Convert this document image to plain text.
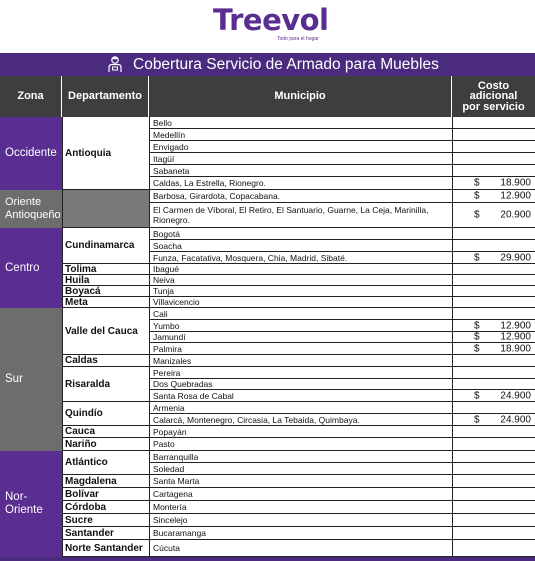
Treevol
Todo para el hogar
Cobertura Servicio de Armado para Muebles
Zona	Departamento	Municipio
Costo adicional por servicio
Occidente
Oriente Antioqueño
Centro
Sur
Nor-Oriente
Antioquia
Cundinamarca
Tolima
Huila
Boyacá
Meta
Valle del Cauca
Caldas
Risaralda
Quindío
Cauca
Nariño
Atlántico
Magdalena
Bolívar
Córdoba
Sucre
Santander
Norte Santander
Bello
Medellín
Envigado
Itagüí
Sabaneta
Caldas, La Estrella, Rionegro.
Barbosa, Girardota, Copacabana.
El Carmen de Víboral, El Retiro, El Santuario, Guarne, La Ceja, Marinilla, Rionegro.
Bogotá
Soacha
Funza, Facatativa, Mosquera, Chia, Madrid, Sibaté.
Ibagué
Neiva
Tunja
Villavicencio
Cali
Yumbo
Jamundí
Palmira
Manizales
Pereira
Dos Quebradas
Santa Rosa de Cabal
Armenia
Calarcá, Montenegro, Circasia, La Tebaida, Quimbaya.
Popayán
Pasto
Barranquilla
Soledad
Santa Marta
Cartagena
Montería
Sincelejo
Bucaramanga
Cúcuta
$ 18.900
$ 12.900
$ 20.900
$ 29.900
$ 12.900
$ 12.900
$ 18.900
$ 24.900
$ 24.900
